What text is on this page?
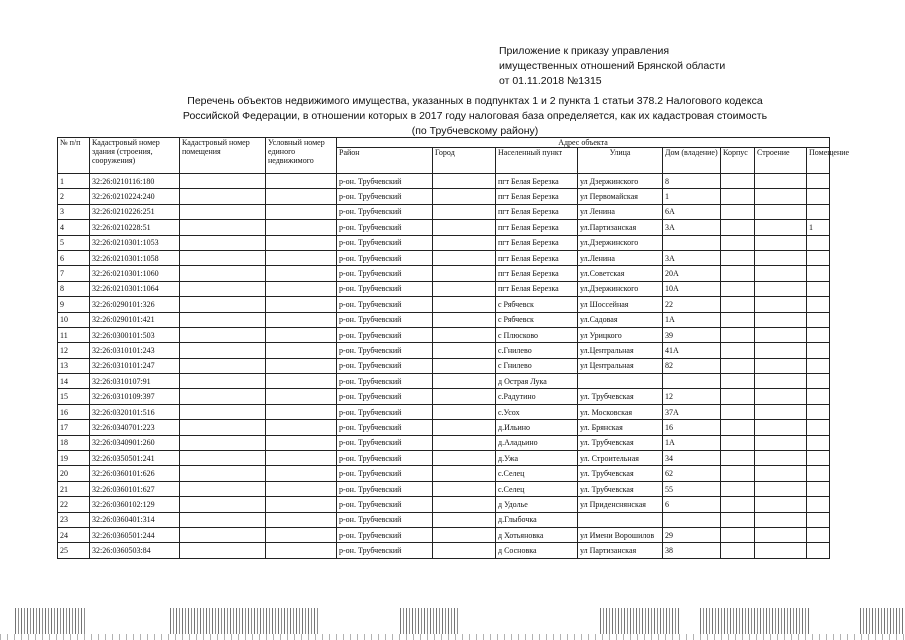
Приложение к приказу управления
имущественных отношений Брянской области
от 01.11.2018 №1315
Перечень объектов недвижимого имущества, указанных в подпунктах 1 и 2 пункта 1 статьи 378.2 Налогового кодекса
Российской Федерации, в отношении которых в 2017 году налоговая база определяется, как их кадастровая стоимость
(по Трубчевскому району)
№ п/п	Кадастровый номер здания (строения, сооружения)	Кадастровый номер помещения	Условный номер единого недвижимого	Адрес объекта							
				Район	Город	Населенный пункт	Улица	Дом (владение)	Корпус	Строение	Помещение
1	32:26:0210116:180			р-он. Трубчевский		пгт Белая Березка	ул Дзержинского	8			
2	32:26:0210224:240			р-он. Трубчевский		пгт Белая Березка	ул Первомайская	1			
3	32:26:0210226:251			р-он. Трубчевский		пгт Белая Березка	ул Ленина	6А			
4	32:26:0210228:51			р-он. Трубчевский		пгт Белая Березка	ул.Партизанская	3А			1
5	32:26:0210301:1053			р-он. Трубчевский		пгт Белая Березка	ул.Дзержинского				
6	32:26:0210301:1058			р-он. Трубчевский		пгт Белая Березка	ул.Ленина	3А			
7	32:26:0210301:1060			р-он. Трубчевский		пгт Белая Березка	ул.Советская	20А			
8	32:26:0210301:1064			р-он. Трубчевский		пгт Белая Березка	ул.Дзержинского	10А			
9	32:26:0290101:326			р-он. Трубчевский		с Рябчевск	ул Шоссейная	22			
10	32:26:0290101:421			р-он. Трубчевский		с Рябчевск	ул.Садовая	1А			
11	32:26:0300101:503			р-он. Трубчевский		с Плюсково	ул Урицкого	39			
12	32:26:0310101:243			р-он. Трубчевский		с.Гнилево	ул.Центральная	41А			
13	32:26:0310101:247			р-он. Трубчевский		с Гнилево	ул Центральная	82			
14	32:26:0310107:91			р-он. Трубчевский		д Острая Лука					
15	32:26:0310109:397			р-он. Трубчевский		с.Радутино	ул. Трубчевская	12			
16	32:26:0320101:516			р-он. Трубчевский		с.Усох	ул. Московская	37А			
17	32:26:0340701:223			р-он. Трубчевский		д.Ильино	ул. Брянская	16			
18	32:26:0340901:260			р-он. Трубчевский		д.Аладьино	ул. Трубчевская	1А			
19	32:26:0350501:241			р-он. Трубчевский		д.Ужа	ул. Строительная	34			
20	32:26:0360101:626			р-он. Трубчевский		с.Селец	ул. Трубчевская	62			
21	32:26:0360101:627			р-он. Трубчевский		с.Селец	ул. Трубчевская	55			
22	32:26:0360102:129			р-он. Трубчевский		д Удолье	ул Приденснянская	6			
23	32:26:0360401:314			р-он. Трубчевский		д.Глыбочка					
24	32:26:0360501:244			р-он. Трубчевский		д Хотьяновка	ул Имени Ворошилов	29			
25	32:26:0360503:84			р-он. Трубчевский		д Сосновка	ул Партизанская	38			
